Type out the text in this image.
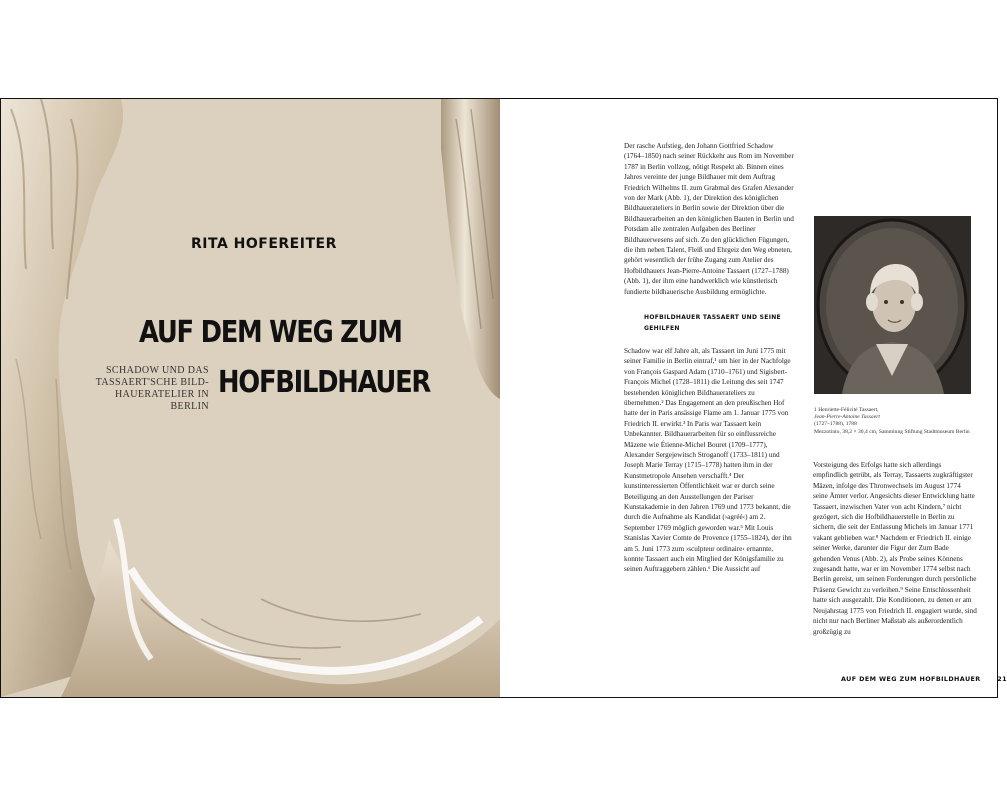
RITA HOFEREITER
AUF DEM WEG ZUM
SCHADOW UND DAS
TASSAERT'SCHE BILD-
HAUERATELIER IN BERLIN
HOFBILDHAUER

Der rasche Aufstieg, den Johann Gottfried Schadow (1764–1850) nach seiner Rückkehr aus Rom im November 1787 in Berlin vollzog, nötigt Respekt ab. Binnen eines Jahres vereinte der junge Bildhauer mit dem Auftrag Friedrich Wilhelms II. zum Grabmal des Grafen Alexander von der Mark (Abb. 1), der Direktion des königlichen Bildhauerateliers in Berlin sowie der Direktion über die Bildhauerarbeiten an den königlichen Bauten in Berlin und Potsdam alle zentralen Aufgaben des Berliner Bildhauerwesens auf sich. Zu den glücklichen Fügungen, die ihm neben Talent, Fleiß und Ehrgeiz den Weg ebneten, gehört wesentlich der frühe Zugang zum Atelier des Hofbildhauers Jean-Pierre-Antoine Tassaert (1727–1788) (Abb. 1), der ihm eine handwerklich wie künstlerisch fundierte bildhauerische Ausbildung ermöglichte.

HOFBILDHAUER TASSAERT UND SEINE GEHILFEN

Schadow war elf Jahre alt, als Tassaert im Juni 1775 mit seiner Familie in Berlin eintraf,¹ um hier in der Nachfolge von François Gaspard Adam (1710–1761) und Sigisbert-François Michel (1728–1811) die Leitung des seit 1747 bestehenden königlichen Bildhauerateliers zu übernehmen.² Das Engagement an den preußischen Hof hatte der in Paris ansässige Flame am 1. Januar 1775 von Friedrich II. erwirkt.³ In Paris war Tassaert kein Unbekannter. Bildhauerarbeiten für so einflussreiche Mäzene wie Étienne-Michel Bouret (1709–1777), Alexander Sergejewitsch Stroganoff (1733–1811) und Joseph Marie Terray (1715–1778) hatten ihm in der Kunstmetropole Ansehen verschafft.⁴ Der kunstinteressierten Öffentlichkeit war er durch seine Beteiligung an den Ausstellungen der Pariser Kunstakademie in den Jahren 1769 und 1773 bekannt, die durch die Aufnahme als Kandidat (›agréé‹) am 2. September 1769 möglich geworden war.⁵ Mit Louis Stanislas Xavier Comte de Provence (1755–1824), der ihn am 5. Juni 1773 zum ›sculpteur ordinaire‹ ernannte, konnte Tassaert auch ein Mitglied der Königsfamilie zu seinen Auftraggebern zählen.⁶ Die Aussicht auf

1 Henriette-Félicité Tassaert,

Jean-Pierre-Antoine Tassaert

(1727–1788), 1788

Mezzotinto, 38,2 × 30,4 cm, Sammlung Stiftung Stadtmuseum Berlin

Vorsteigung des Erfolgs hatte sich allerdings empfindlich getrübt, als Terray, Tassaerts zugkräftigster Mäzen, infolge des Thronwechsels im August 1774 seine Ämter verlor. Angesichts dieser Entwicklung hatte Tassaert, inzwischen Vater von acht Kindern,⁷ nicht gezögert, sich die Hofbildhauerstelle in Berlin zu sichern, die seit der Entlassung Michels im Januar 1771 vakant geblieben war.⁸ Nachdem er Friedrich II. einige seiner Werke, darunter die Figur der Zum Bade gehenden Venus (Abb. 2), als Probe seines Könnens zugesandt hatte, war er im November 1774 selbst nach Berlin gereist, um seinen Forderungen durch persönliche Präsenz Gewicht zu verleihen.⁹ Seine Entschlossenheit hatte sich ausgezahlt. Die Konditionen, zu denen er am Neujahrstag 1775 von Friedrich II. engagiert wurde, sind nicht nur nach Berliner Maßstab als außerordentlich großzügig zu

AUF DEM WEG ZUM HOFBILDHAUER	21
